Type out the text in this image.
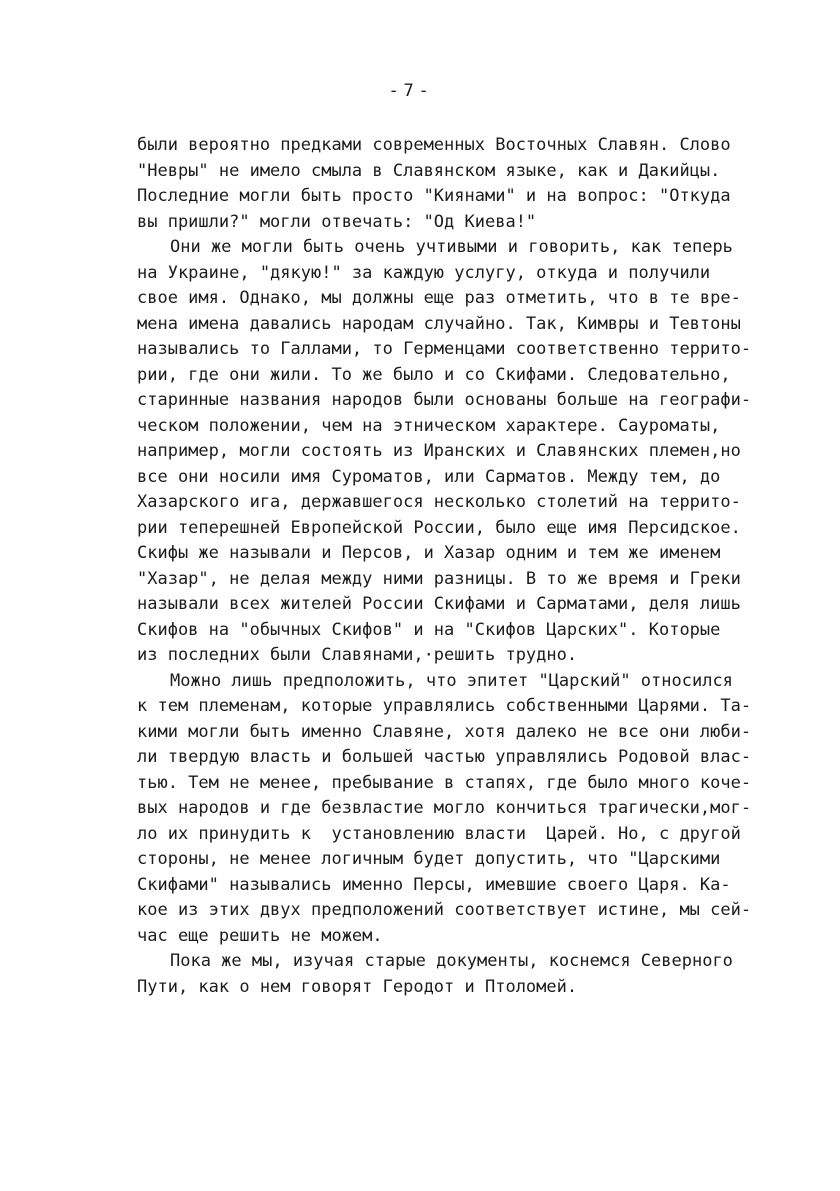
-7-
были вероятно предками современных Восточных Славян. Слово
"Невры" не имело смыла в Славянском языке, как и Дакийцы.
Последние могли быть просто "Киянами" и на вопрос: "Откуда
вы пришли?" могли отвечать: "Од Киева!"
Они же могли быть очень учтивыми и говорить, как теперь
на Украине, "дякую!" за каждую услугу, откуда и получили
свое имя. Однако, мы должны еще раз отметить, что в те вре-
мена имена давались народам случайно. Так, Кимвры и Тевтоны
назывались то Галлами, то Герменцами соответственно террито-
рии, где они жили. То же было и со Скифами. Следовательно,
старинные названия народов были основаны больше на географи-
ческом положении, чем на этническом характере. Сауроматы,
например, могли состоять из Иранских и Славянских племен,но
все они носили имя Суроматов, или Сарматов. Между тем, до
Хазарского ига, державшегося несколько столетий на террито-
рии теперешней Европейской России, было еще имя Персидское.
Скифы же называли и Персов, и Хазар одним и тем же именем
"Хазар", не делая между ними разницы. В то же время и Греки
называли всех жителей России Скифами и Сарматами, деля лишь
Скифов на "обычных Скифов" и на "Скифов Царских". Которые
из последних были Славянами,·решить трудно.
Можно лишь предположить, что эпитет "Царский" относился
к тем племенам, которые управлялись собственными Царями. Та-
кими могли быть именно Славяне, хотя далеко не все они люби-
ли твердую власть и большей частью управлялись Родовой влас-
тью. Тем не менее, пребывание в стапях, где было много коче-
вых народов и где безвластие могло кончиться трагически,мог-
ло их принудить к  установлению власти  Царей. Но, с другой
стороны, не менее логичным будет допустить, что "Царскими
Скифами" назывались именно Персы, имевшие своего Царя. Ка-
кое из этих двух предположений соответствует истине, мы сей-
час еще решить не можем.
Пока же мы, изучая старые документы, коснемся Северного
Пути, как о нем говорят Геродот и Птоломей.
